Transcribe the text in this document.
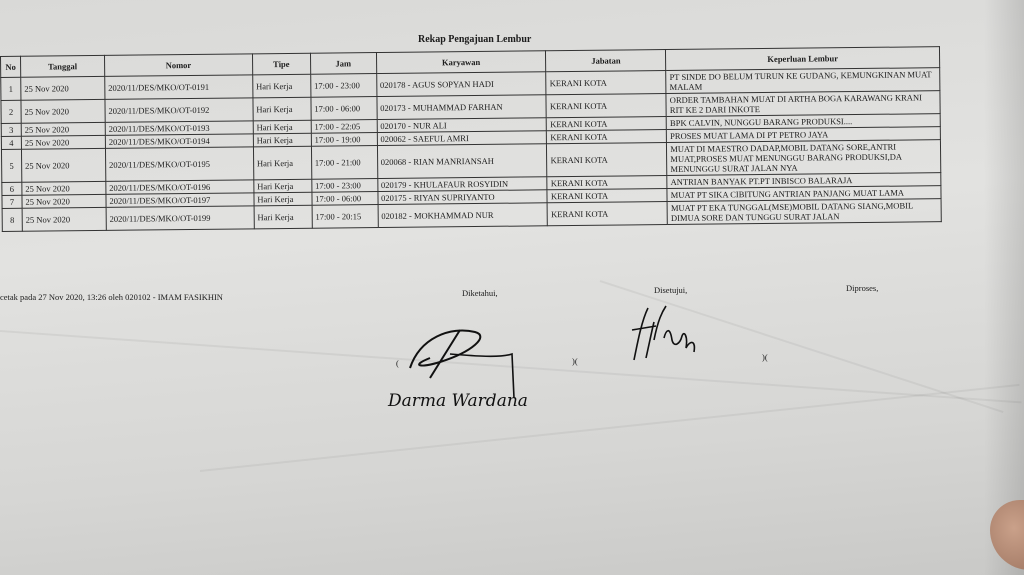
Rekap Pengajuan Lembur
No	Tanggal	Nomor	Tipe	Jam	Karyawan	Jabatan	Keperluan Lembur
1	25 Nov 2020	2020/11/DES/MKO/OT-0191	Hari Kerja	17:00 - 23:00	020178 - AGUS SOPYAN HADI	KERANI KOTA	PT SINDE DO BELUM TURUN KE GUDANG, KEMUNGKINAN MUAT MALAM
2	25 Nov 2020	2020/11/DES/MKO/OT-0192	Hari Kerja	17:00 - 06:00	020173 - MUHAMMAD FARHAN	KERANI KOTA	ORDER TAMBAHAN MUAT DI ARTHA BOGA KARAWANG KRANI RIT KE 2 DARI INKOTE
3	25 Nov 2020	2020/11/DES/MKO/OT-0193	Hari Kerja	17:00 - 22:05	020170 - NUR ALI	KERANI KOTA	BPK CALVIN, NUNGGU BARANG PRODUKSI....
4	25 Nov 2020	2020/11/DES/MKO/OT-0194	Hari Kerja	17:00 - 19:00	020062 - SAEFUL AMRI	KERANI KOTA	PROSES MUAT LAMA DI PT PETRO JAYA
5	25 Nov 2020	2020/11/DES/MKO/OT-0195	Hari Kerja	17:00 - 21:00	020068 - RIAN MANRIANSAH	KERANI KOTA	MUAT DI MAESTRO DADAP,MOBIL DATANG SORE,ANTRI MUAT,PROSES MUAT MENUNGGU BARANG PRODUKSI,DA MENUNGGU SURAT JALAN NYA
6	25 Nov 2020	2020/11/DES/MKO/OT-0196	Hari Kerja	17:00 - 23:00	020179 - KHULAFAUR ROSYIDIN	KERANI KOTA	ANTRIAN BANYAK PT.PT INBISCO BALARAJA
7	25 Nov 2020	2020/11/DES/MKO/OT-0197	Hari Kerja	17:00 - 06:00	020175 - RIYAN SUPRIYANTO	KERANI KOTA	MUAT PT SIKA CIBITUNG ANTRIAN PANJANG MUAT LAMA
8	25 Nov 2020	2020/11/DES/MKO/OT-0199	Hari Kerja	17:00 - 20:15	020182 - MOKHAMMAD NUR	KERANI KOTA	MUAT PT EKA TUNGGAL(MSE)MOBIL DATANG SIANG,MOBIL DIMUA SORE DAN TUNGGU SURAT JALAN
cetak pada 27 Nov 2020, 13:26 oleh 020102 - IMAM FASIKHIN	Diketahui,	Disetujui,	Diproses,
(	)(	)(
Darma Wardana
